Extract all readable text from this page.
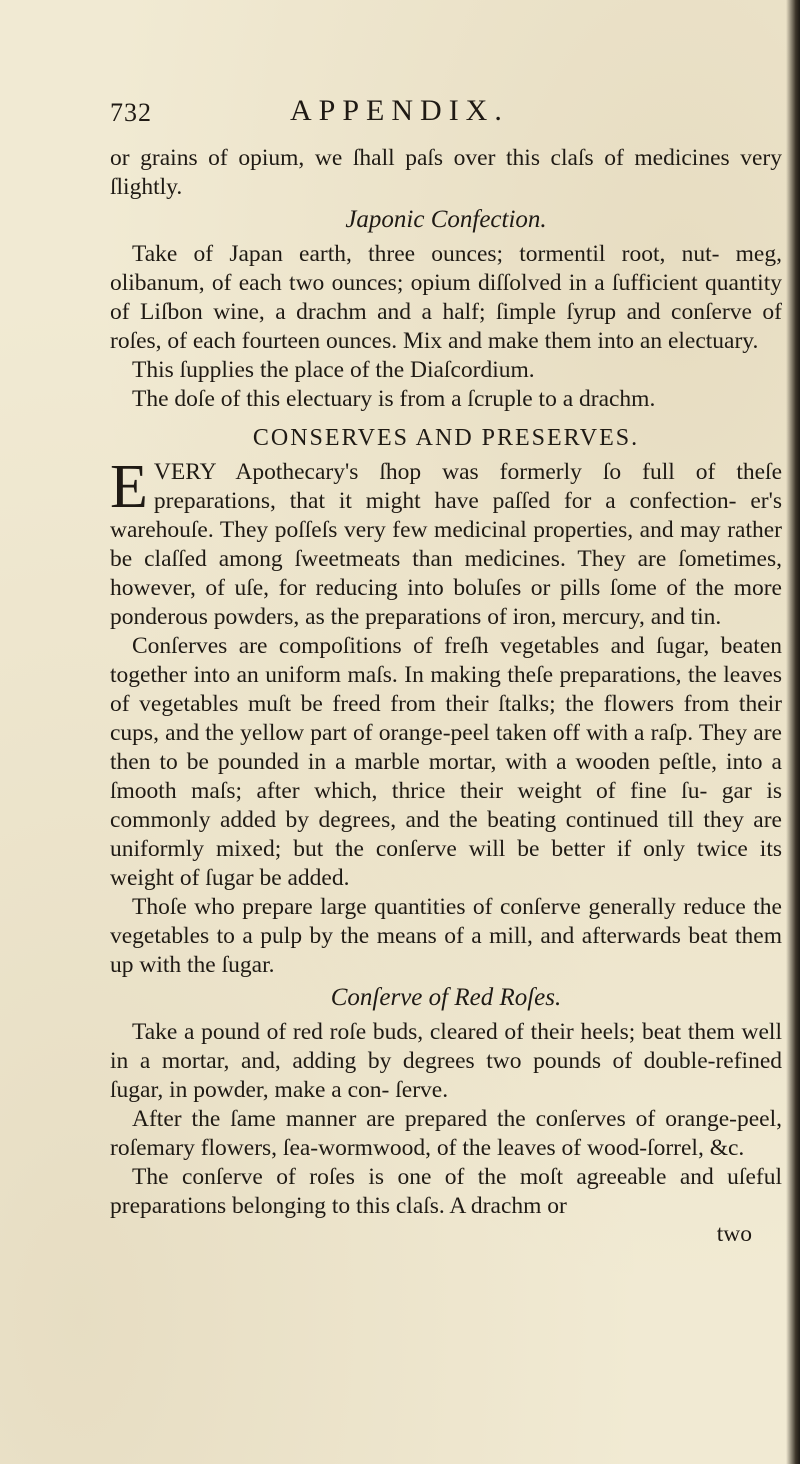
732	APPENDIX.

or grains of opium, we ſhall paſs over this claſs of medicines very ſlightly.

Japonic Confection.

Take of Japan earth, three ounces; tormentil root, nut- meg, olibanum, of each two ounces; opium diſſolved in a ſufficient quantity of Liſbon wine, a drachm and a half; ſimple ſyrup and conſerve of roſes, of each fourteen ounces. Mix and make them into an electuary.

This ſupplies the place of the Diaſcordium.

The doſe of this electuary is from a ſcruple to a drachm.

CONSERVES AND PRESERVES.

EVERY Apothecary's ſhop was formerly ſo full of theſe preparations, that it might have paſſed for a confection- er's warehouſe. They poſſeſs very few medicinal properties, and may rather be claſſed among ſweetmeats than medicines. They are ſometimes, however, of uſe, for reducing into boluſes or pills ſome of the more ponderous powders, as the preparations of iron, mercury, and tin.

Conſerves are compoſitions of freſh vegetables and ſugar, beaten together into an uniform maſs. In making theſe preparations, the leaves of vegetables muſt be freed from their ſtalks; the flowers from their cups, and the yellow part of orange-peel taken off with a raſp. They are then to be pounded in a marble mortar, with a wooden peſtle, into a ſmooth maſs; after which, thrice their weight of fine ſu- gar is commonly added by degrees, and the beating continued till they are uniformly mixed; but the conſerve will be better if only twice its weight of ſugar be added.

Thoſe who prepare large quantities of conſerve generally reduce the vegetables to a pulp by the means of a mill, and afterwards beat them up with the ſugar.

Conſerve of Red Roſes.

Take a pound of red roſe buds, cleared of their heels; beat them well in a mortar, and, adding by degrees two pounds of double-refined ſugar, in powder, make a con- ſerve.

After the ſame manner are prepared the conſerves of orange-peel, roſemary flowers, ſea-wormwood, of the leaves of wood-ſorrel, &c.

The conſerve of roſes is one of the moſt agreeable and uſeful preparations belonging to this claſs. A drachm or

two
